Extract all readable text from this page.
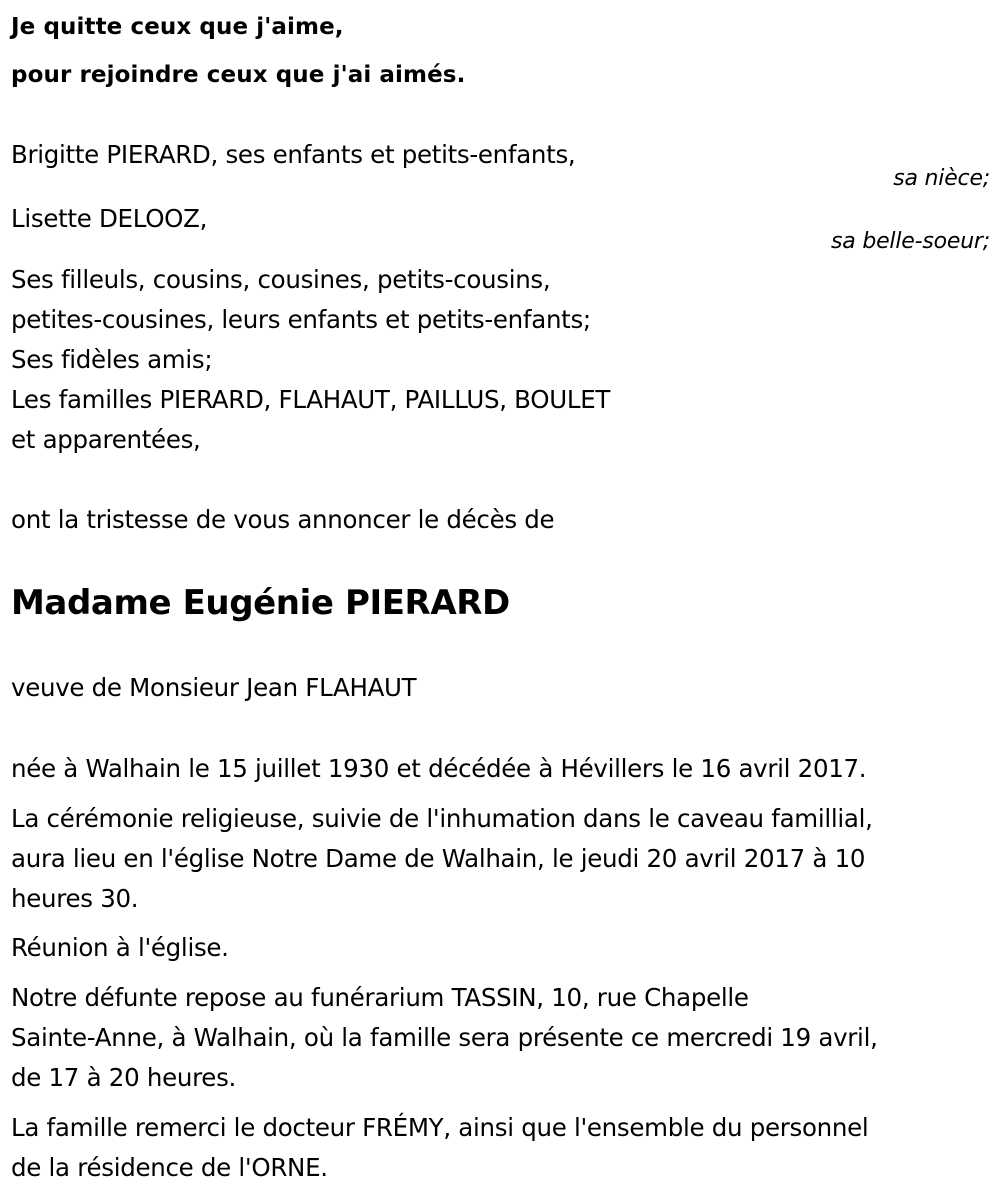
Je quitte ceux que j'aime,

pour rejoindre ceux que j'ai aimés.

Brigitte PIERARD, ses enfants et petits-enfants,

sa nièce;

Lisette DELOOZ,

sa belle-soeur;

Ses filleuls, cousins, cousines, petits-cousins,

petites-cousines, leurs enfants et petits-enfants;

Ses fidèles amis;

Les familles PIERARD, FLAHAUT, PAILLUS, BOULET

et apparentées,

ont la tristesse de vous annoncer le décès de

Madame Eugénie PIERARD

veuve de Monsieur Jean FLAHAUT

née à Walhain le 15 juillet 1930 et décédée à Hévillers le 16 avril 2017.

La cérémonie religieuse, suivie de l'inhumation dans le caveau famillial,

aura lieu en l'église Notre Dame de Walhain, le jeudi 20 avril 2017 à 10

heures 30.

Réunion à l'église.

Notre défunte repose au funérarium TASSIN, 10, rue Chapelle

Sainte-Anne, à Walhain, où la famille sera présente ce mercredi 19 avril,

de 17 à 20 heures.

La famille remerci le docteur FRÉMY, ainsi que l'ensemble du personnel

de la résidence de l'ORNE.
